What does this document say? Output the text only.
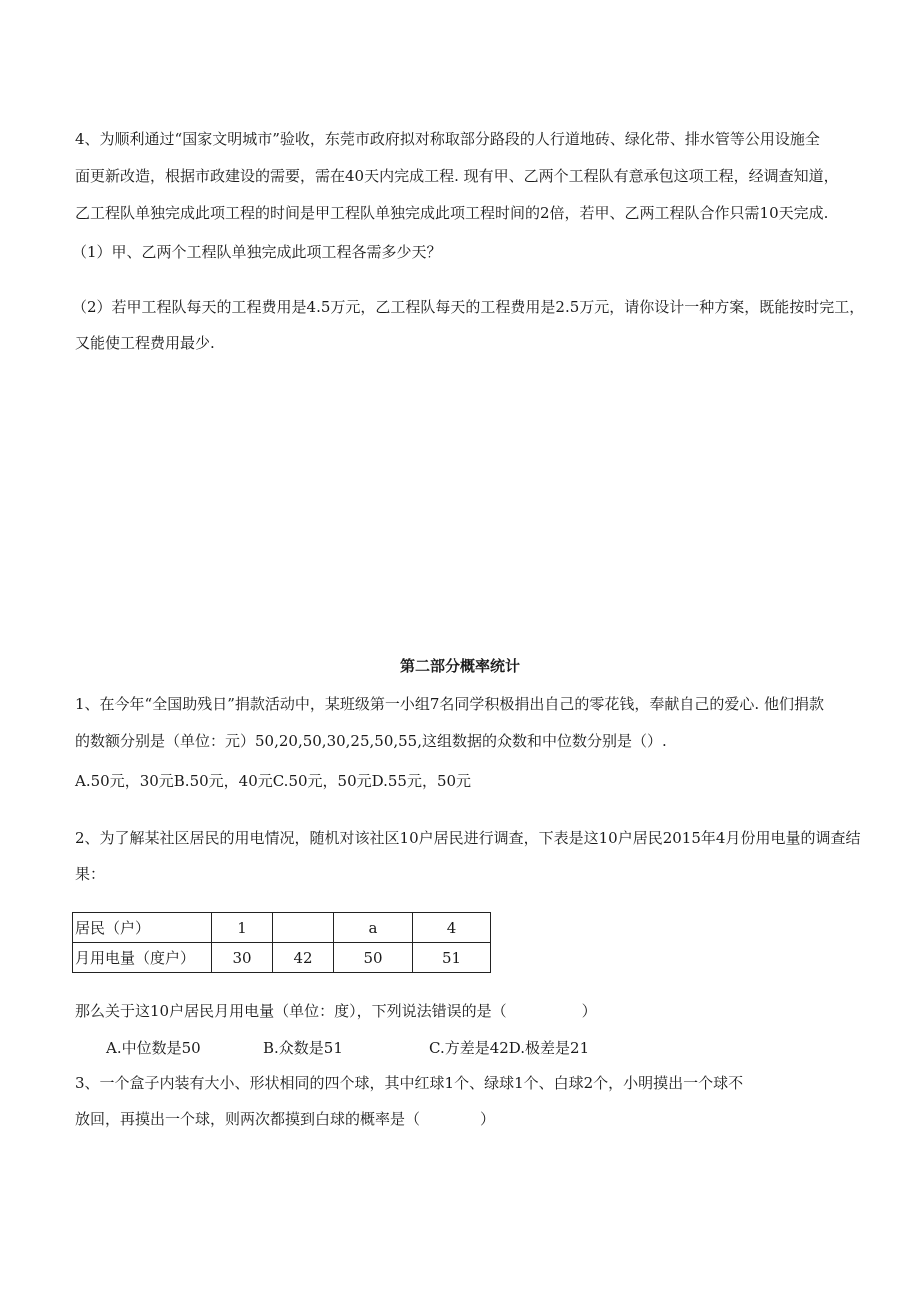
4、为顺利通过“国家文明城市”验收，东莞市政府拟对称取部分路段的人行道地砖、绿化带、排水管等公用设施全
面更新改造，根据市政建设的需要，需在40天内完成工程. 现有甲、乙两个工程队有意承包这项工程，经调查知道，
乙工程队单独完成此项工程的时间是甲工程队单独完成此项工程时间的2倍，若甲、乙两工程队合作只需10天完成.
（1）甲、乙两个工程队单独完成此项工程各需多少天？
（2）若甲工程队每天的工程费用是4.5万元，乙工程队每天的工程费用是2.5万元，请你设计一种方案，既能按时完工，
又能使工程费用最少.
第二部分概率统计
1、在今年“全国助残日”捐款活动中，某班级第一小组7名同学积极捐出自己的零花钱，奉献自己的爱心. 他们捐款
的数额分别是（单位：元）50,20,50,30,25,50,55,这组数据的众数和中位数分别是（）.
A.50元，30元B.50元，40元C.50元，50元D.55元，50元
2、为了解某社区居民的用电情况，随机对该社区10户居民进行调查，下表是这10户居民2015年4月份用电量的调查结
果：
居民（户）	1		a	4
月用电量（度户）	30	42	50	51
那么关于这10户居民月用电量（单位：度），下列说法错误的是（　　　　　）
A.中位数是50	B.众数是51	C.方差是42D.极差是21
3、一个盒子内装有大小、形状相同的四个球，其中红球1个、绿球1个、白球2个，小明摸出一个球不
放回，再摸出一个球，则两次都摸到白球的概率是（　　　　）
